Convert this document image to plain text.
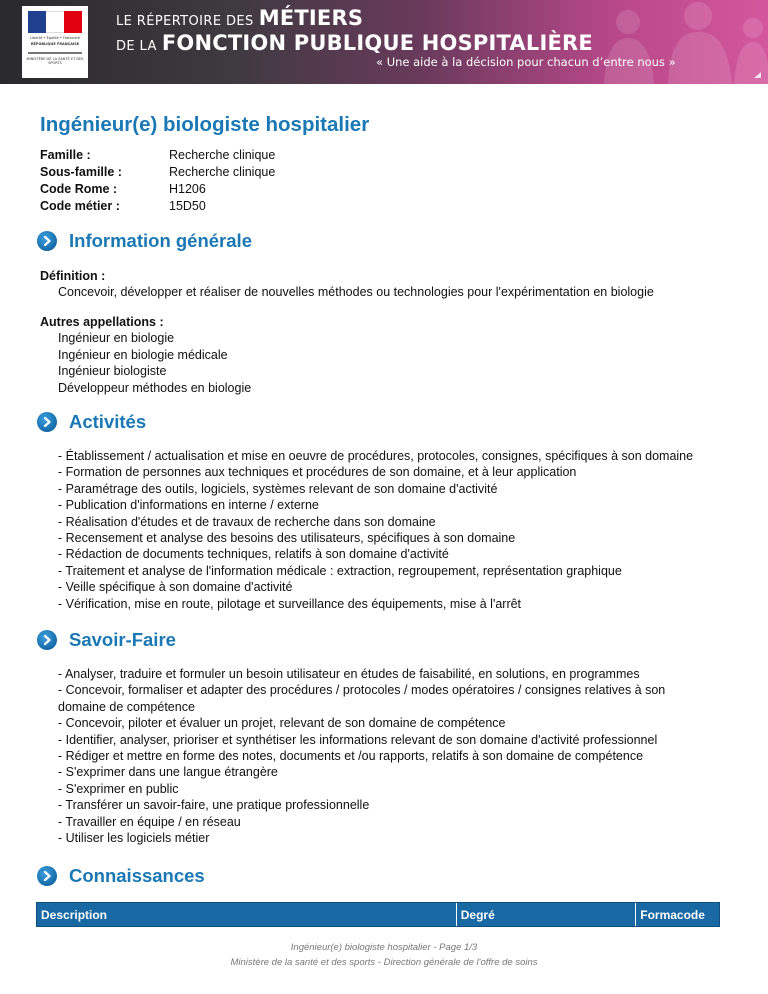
Liberté • Égalité • Fraternité
RÉPUBLIQUE FRANÇAISE
MINISTÈRE DE LA SANTÉ ET DES SPORTS
LE RÉPERTOIRE DES MÉTIERS
DE LA FONCTION PUBLIQUE HOSPITALIÈRE
« Une aide à la décision pour chacun d’entre nous »
Ingénieur(e) biologiste hospitalier
Famille :	Recherche clinique
Sous-famille :	Recherche clinique
Code Rome :	H1206
Code métier :	15D50
Information générale
Définition :
Concevoir, développer et réaliser de nouvelles méthodes ou technologies pour l'expérimentation en biologie
Autres appellations :
Ingénieur en biologie
Ingénieur en biologie médicale
Ingénieur biologiste
Développeur méthodes en biologie
Activités
- Établissement / actualisation et mise en oeuvre de procédures, protocoles, consignes, spécifiques à son domaine
- Formation de personnes aux techniques et procédures de son domaine, et à leur application
- Paramétrage des outils, logiciels, systèmes relevant de son domaine d'activité
- Publication d'informations en interne / externe
- Réalisation d'études et de travaux de recherche dans son domaine
- Recensement et analyse des besoins des utilisateurs, spécifiques à son domaine
- Rédaction de documents techniques, relatifs à son domaine d'activité
- Traitement et analyse de l'information médicale : extraction, regroupement, représentation graphique
- Veille spécifique à son domaine d'activité
- Vérification, mise en route, pilotage et surveillance des équipements, mise à l'arrêt
Savoir-Faire
- Analyser, traduire et formuler un besoin utilisateur en études de faisabilité, en solutions, en programmes
- Concevoir, formaliser et adapter des procédures / protocoles / modes opératoires / consignes relatives à son domaine de compétence
- Concevoir, piloter et évaluer un projet, relevant de son domaine de compétence
- Identifier, analyser, prioriser et synthétiser les informations relevant de son domaine d'activité professionnel
- Rédiger et mettre en forme des notes, documents et /ou rapports, relatifs à son domaine de compétence
- S'exprimer dans une langue étrangère
- S'exprimer en public
- Transférer un savoir-faire, une pratique professionnelle
- Travailler en équipe / en réseau
- Utiliser les logiciels métier
Connaissances
Description	Degré	Formacode
Ingénieur(e) biologiste hospitalier - Page 1/3
Ministère de la santé et des sports - Direction générale de l'offre de soins
